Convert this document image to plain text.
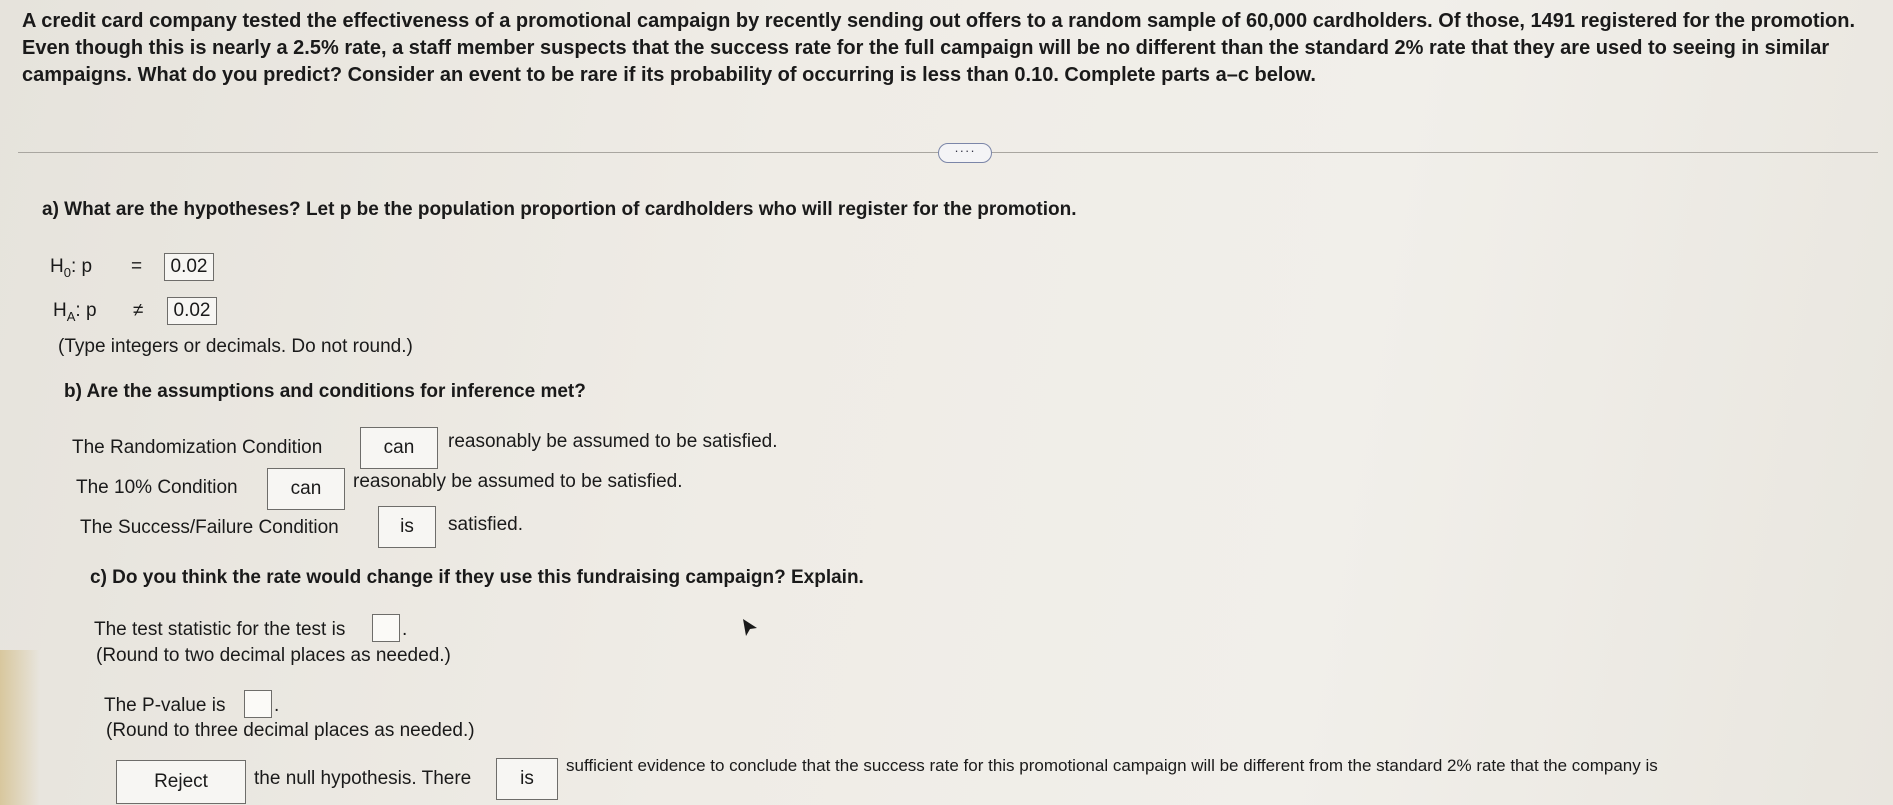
A credit card company tested the effectiveness of a promotional campaign by recently sending out offers to a random sample of 60,000 cardholders. Of those, 1491 registered for the promotion. Even though this is nearly a 2.5% rate, a staff member suspects that the success rate for the full campaign will be no different than the standard 2% rate that they are used to seeing in similar campaigns. What do you predict? Consider an event to be rare if its probability of occurring is less than 0.10. Complete parts a–c below.
····
a) What are the hypotheses? Let p be the population proportion of cardholders who will register for the promotion.
$H_0$: p =	0.02
$H_A$: p ≠	0.02
(Type integers or decimals. Do not round.)
b) Are the assumptions and conditions for inference met?
The Randomization Condition	can	reasonably be assumed to be satisfied.
The 10% Condition	can	reasonably be assumed to be satisfied.
The Success/Failure Condition	is	satisfied.
c) Do you think the rate would change if they use this fundraising campaign? Explain.
The test statistic for the test is	.
(Round to two decimal places as needed.)
The P-value is	.
(Round to three decimal places as needed.)
Reject	the null hypothesis. There	is
sufficient evidence to conclude that the success rate for this promotional campaign will be different from the standard 2% rate that the company is
